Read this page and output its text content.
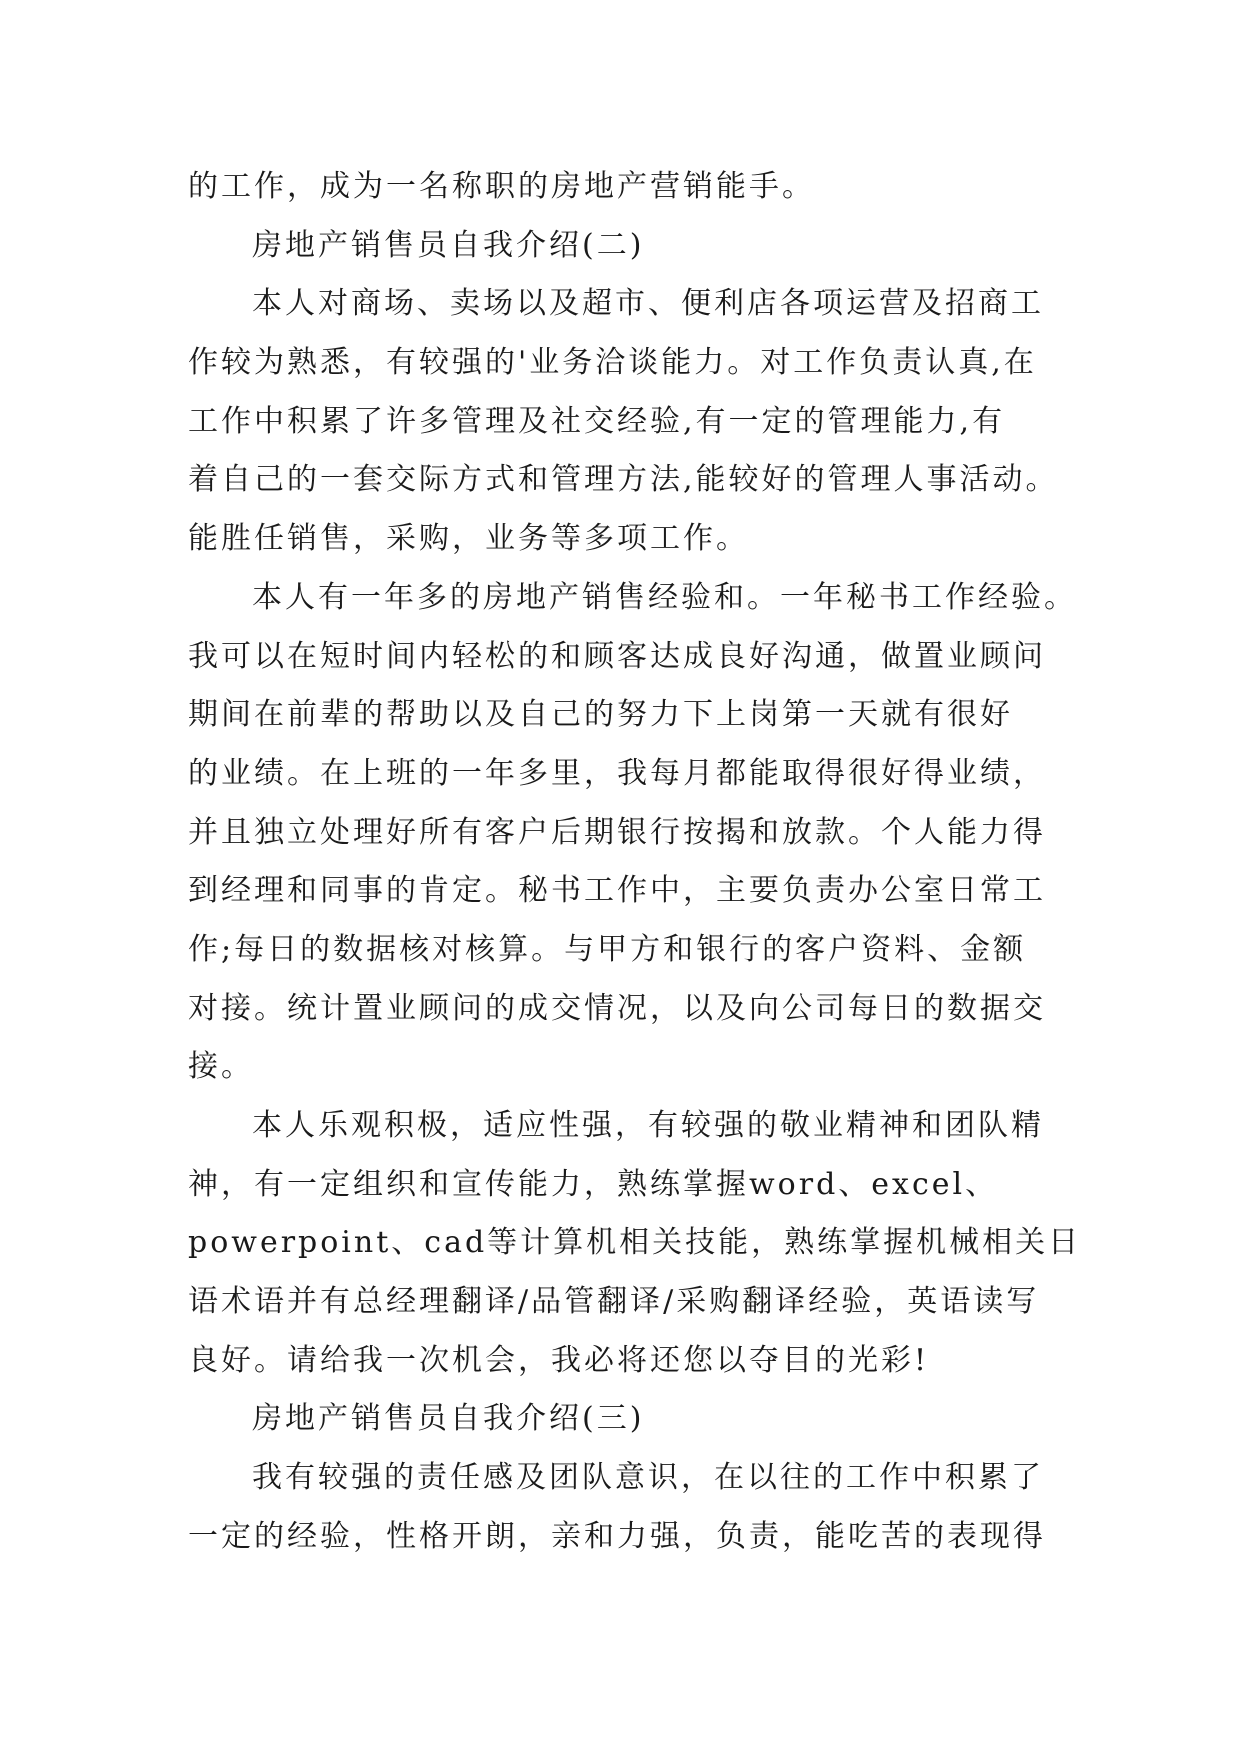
的工作，成为一名称职的房地产营销能手。
房地产销售员自我介绍(二)
本人对商场、卖场以及超市、便利店各项运营及招商工
作较为熟悉，有较强的'业务洽谈能力。对工作负责认真,在
工作中积累了许多管理及社交经验,有一定的管理能力,有
着自己的一套交际方式和管理方法,能较好的管理人事活动。
能胜任销售，采购，业务等多项工作。
本人有一年多的房地产销售经验和。一年秘书工作经验。
我可以在短时间内轻松的和顾客达成良好沟通，做置业顾问
期间在前辈的帮助以及自己的努力下上岗第一天就有很好
的业绩。在上班的一年多里，我每月都能取得很好得业绩，
并且独立处理好所有客户后期银行按揭和放款。个人能力得
到经理和同事的肯定。秘书工作中，主要负责办公室日常工
作;每日的数据核对核算。与甲方和银行的客户资料、金额
对接。统计置业顾问的成交情况，以及向公司每日的数据交
接。
本人乐观积极，适应性强，有较强的敬业精神和团队精
神，有一定组织和宣传能力，熟练掌握word、excel、
powerpoint、cad等计算机相关技能，熟练掌握机械相关日
语术语并有总经理翻译/品管翻译/采购翻译经验，英语读写
良好。请给我一次机会，我必将还您以夺目的光彩!
房地产销售员自我介绍(三)
我有较强的责任感及团队意识，在以往的工作中积累了
一定的经验，性格开朗，亲和力强，负责，能吃苦的表现得
